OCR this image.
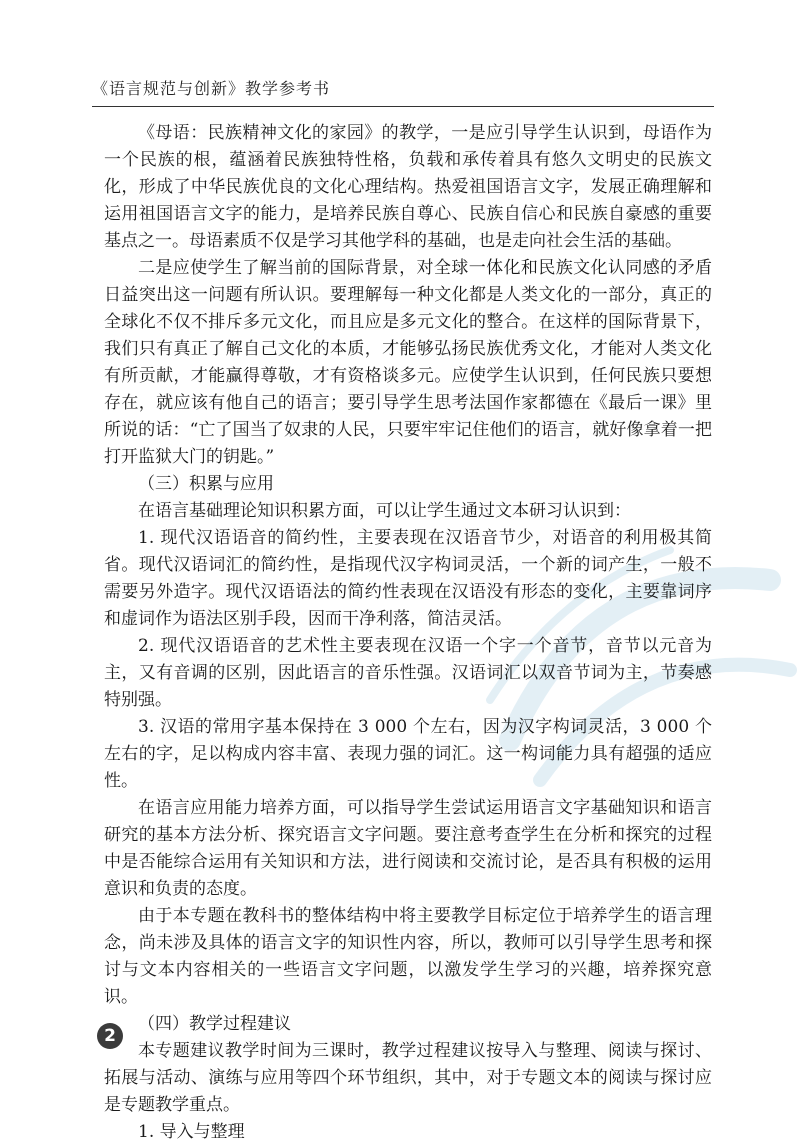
《语言规范与创新》教学参考书

《母语：民族精神文化的家园》的教学，一是应引导学生认识到，母语作为一个民族的根，蕴涵着民族独特性格，负载和承传着具有悠久文明史的民族文化，形成了中华民族优良的文化心理结构。热爱祖国语言文字，发展正确理解和运用祖国语言文字的能力，是培养民族自尊心、民族自信心和民族自豪感的重要基点之一。母语素质不仅是学习其他学科的基础，也是走向社会生活的基础。

二是应使学生了解当前的国际背景，对全球一体化和民族文化认同感的矛盾日益突出这一问题有所认识。要理解每一种文化都是人类文化的一部分，真正的全球化不仅不排斥多元文化，而且应是多元文化的整合。在这样的国际背景下，我们只有真正了解自己文化的本质，才能够弘扬民族优秀文化，才能对人类文化有所贡献，才能赢得尊敬，才有资格谈多元。应使学生认识到，任何民族只要想存在，就应该有他自己的语言；要引导学生思考法国作家都德在《最后一课》里所说的话：“亡了国当了奴隶的人民，只要牢牢记住他们的语言，就好像拿着一把打开监狱大门的钥匙。”

（三）积累与应用

在语言基础理论知识积累方面，可以让学生通过文本研习认识到：

1. 现代汉语语音的简约性，主要表现在汉语音节少，对语音的利用极其简省。现代汉语词汇的简约性，是指现代汉字构词灵活，一个新的词产生，一般不需要另外造字。现代汉语语法的简约性表现在汉语没有形态的变化，主要靠词序和虚词作为语法区别手段，因而干净利落，简洁灵活。

2. 现代汉语语音的艺术性主要表现在汉语一个字一个音节，音节以元音为主，又有音调的区别，因此语言的音乐性强。汉语词汇以双音节词为主，节奏感特别强。

3. 汉语的常用字基本保持在 3 000 个左右，因为汉字构词灵活，3 000 个左右的字，足以构成内容丰富、表现力强的词汇。这一构词能力具有超强的适应性。

在语言应用能力培养方面，可以指导学生尝试运用语言文字基础知识和语言研究的基本方法分析、探究语言文字问题。要注意考查学生在分析和探究的过程中是否能综合运用有关知识和方法，进行阅读和交流讨论，是否具有积极的运用意识和负责的态度。

由于本专题在教科书的整体结构中将主要教学目标定位于培养学生的语言理念，尚未涉及具体的语言文字的知识性内容，所以，教师可以引导学生思考和探讨与文本内容相关的一些语言文字问题，以激发学生学习的兴趣，培养探究意识。

（四）教学过程建议

本专题建议教学时间为三课时，教学过程建议按导入与整理、阅读与探讨、拓展与活动、演练与应用等四个环节组织，其中，对于专题文本的阅读与探讨应是专题教学重点。

1. 导入与整理

2
